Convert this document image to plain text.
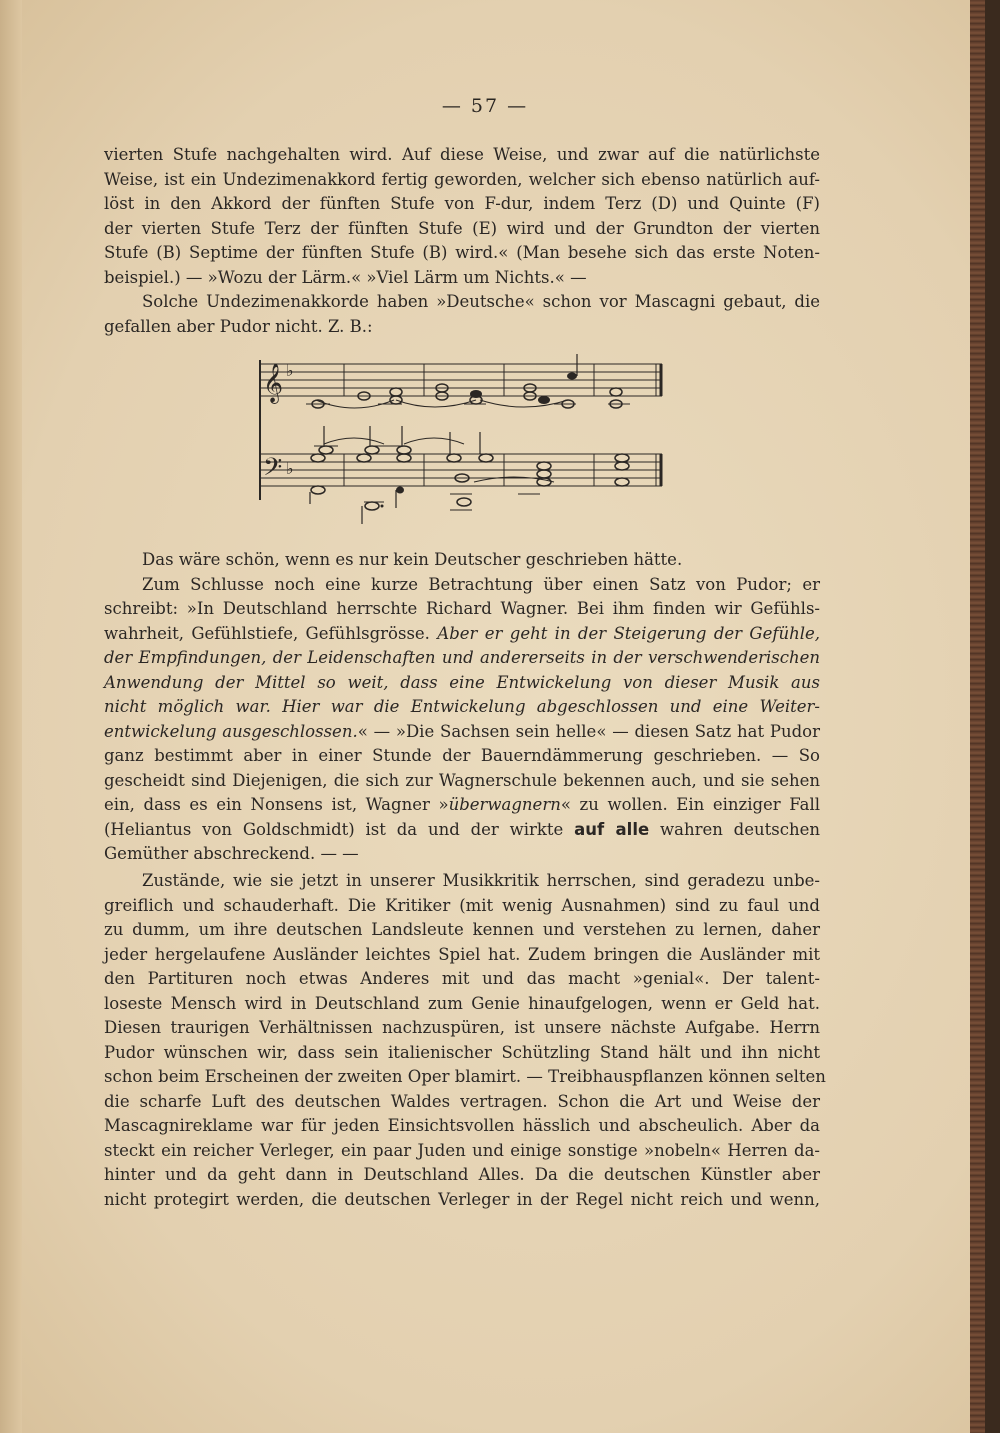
— 57 —
vierten Stufe nachgehalten wird. Auf diese Weise, und zwar auf die natürlichste
Weise, ist ein Undezimenakkord fertig geworden, welcher sich ebenso natürlich auf-
löst in den Akkord der fünften Stufe von F-dur, indem Terz (D) und Quinte (F)
der vierten Stufe Terz der fünften Stufe (E) wird und der Grundton der vierten
Stufe (B) Septime der fünften Stufe (B) wird.« (Man besehe sich das erste Noten-
beispiel.) — »Wozu der Lärm.« »Viel Lärm um Nichts.« —
Solche Undezimenakkorde haben »Deutsche« schon vor Mascagni gebaut, die
gefallen aber Pudor nicht. Z. B.:
𝄞
𝄢
♭
♭
Das wäre schön, wenn es nur kein Deutscher geschrieben hätte.
Zum Schlusse noch eine kurze Betrachtung über einen Satz von Pudor; er
schreibt: »In Deutschland herrschte Richard Wagner. Bei ihm finden wir Gefühls-
wahrheit, Gefühlstiefe, Gefühlsgrösse. Aber er geht in der Steigerung der Gefühle,
der Empfindungen, der Leidenschaften und andererseits in der verschwenderischen
Anwendung der Mittel so weit, dass eine Entwickelung von dieser Musik aus
nicht möglich war. Hier war die Entwickelung abgeschlossen und eine Weiter-
entwickelung ausgeschlossen.« — »Die Sachsen sein helle« — diesen Satz hat Pudor
ganz bestimmt aber in einer Stunde der Bauerndämmerung geschrieben. — So
gescheidt sind Diejenigen, die sich zur Wagnerschule bekennen auch, und sie sehen
ein, dass es ein Nonsens ist, Wagner »überwagnern« zu wollen. Ein einziger Fall
(Heliantus von Goldschmidt) ist da und der wirkte auf alle wahren deutschen
Gemüther abschreckend. — —
Zustände, wie sie jetzt in unserer Musikkritik herrschen, sind geradezu unbe-
greiflich und schauderhaft. Die Kritiker (mit wenig Ausnahmen) sind zu faul und
zu dumm, um ihre deutschen Landsleute kennen und verstehen zu lernen, daher
jeder hergelaufene Ausländer leichtes Spiel hat. Zudem bringen die Ausländer mit
den Partituren noch etwas Anderes mit und das macht »genial«. Der talent-
loseste Mensch wird in Deutschland zum Genie hinaufgelogen, wenn er Geld hat.
Diesen traurigen Verhältnissen nachzuspüren, ist unsere nächste Aufgabe. Herrn
Pudor wünschen wir, dass sein italienischer Schützling Stand hält und ihn nicht
schon beim Erscheinen der zweiten Oper blamirt. — Treibhauspflanzen können selten
die scharfe Luft des deutschen Waldes vertragen. Schon die Art und Weise der
Mascagnireklame war für jeden Einsichtsvollen hässlich und abscheulich. Aber da
steckt ein reicher Verleger, ein paar Juden und einige sonstige »nobeln« Herren da-
hinter und da geht dann in Deutschland Alles. Da die deutschen Künstler aber
nicht protegirt werden, die deutschen Verleger in der Regel nicht reich und wenn,
